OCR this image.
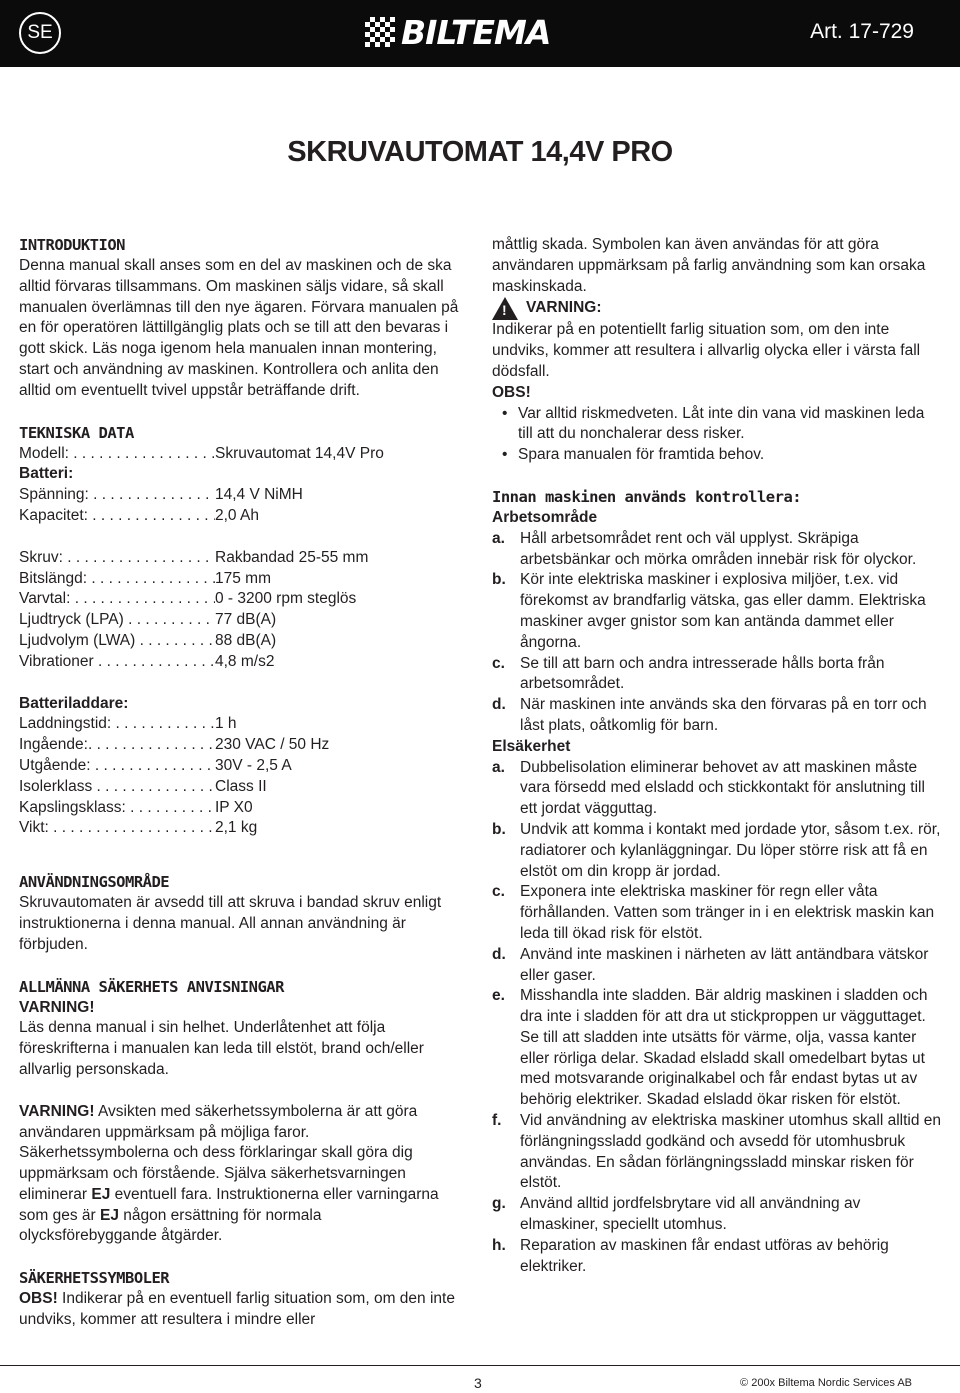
SE	BILTEMA	Art. 17-729
SKRUVAUTOMAT 14,4V PRO
INTRODUKTION

Denna manual skall anses som en del av maskinen och de ska alltid förvaras tillsammans. Om maskinen säljs vidare, så skall manualen överlämnas till den nye ägaren. Förvara manualen på en för operatören lättillgänglig plats och se till att den bevaras i gott skick. Läs noga igenom hela manualen innan montering, start och användning av maskinen. Kontrollera och anlita den alltid om eventuellt tvivel uppstår beträffande drift.

TEKNISKA DATA
Modell: . . .	Skruvautomat 14,4V Pro
Batteri:
Spänning: . . .	14,4 V NiMH
Kapacitet: . . .	2,0 Ah
Skruv: . . .	Rakbandad 25-55 mm
Bitslängd: . . .	175 mm
Varvtal: . . .	0 - 3200 rpm steglös
Ljudtryck (LPA) . . .	77 dB(A)
Ljudvolym (LWA) . . .	88 dB(A)
Vibrationer . . .	4,8 m/s2
Batteriladdare:
Laddningstid: . . .	1 h
Ingående:. . . .	230 VAC / 50 Hz
Utgående: . . .	30V - 2,5 A
Isolerklass . . .	Class II
Kapslingsklass: . . .	IP X0
Vikt: . . .	2,1 kg
ANVÄNDNINGSOMRÅDE

Skruvautomaten är avsedd till att skruva i bandad skruv enligt instruktionerna i denna manual. All annan användning är förbjuden.

ALLMÄNNA SÄKERHETS ANVISNINGAR
VARNING!

Läs denna manual i sin helhet. Underlåtenhet att följa föreskrifterna i manualen kan leda till elstöt, brand och/eller allvarlig personskada.

VARNING! Avsikten med säkerhetssymbolerna är att göra användaren uppmärksam på möjliga faror. Säkerhetssymbolerna och dess förklaringar skall göra dig uppmärksam och förstående. Själva säkerhetsvarningen eliminerar EJ eventuell fara. Instruktionerna eller varningarna som ges är EJ någon ersättning för normala olycksförebyggande åtgärder.

SÄKERHETSSYMBOLER

OBS! Indikerar på en eventuell farlig situation som, om den inte undviks, kommer att resultera i mindre eller

måttlig skada. Symbolen kan även användas för att göra användaren uppmärksam på farlig användning som kan orsaka maskinskada.

!
VARNING:

Indikerar på en potentiellt farlig situation som, om den inte undviks, kommer att resultera i allvarlig olycka eller i värsta fall dödsfall.

OBS!
• Var alltid riskmedveten. Låt inte din vana vid maskinen leda till att du nonchalerar dess risker.
• Spara manualen för framtida behov.
Innan maskinen används kontrollera:
Arbetsområde
a. Håll arbetsområdet rent och väl upplyst. Skräpiga arbetsbänkar och mörka områden innebär risk för olyckor.
b. Kör inte elektriska maskiner i explosiva miljöer, t.ex. vid förekomst av brandfarlig vätska, gas eller damm. Elektriska maskiner avger gnistor som kan antända dammet eller ångorna.
c. Se till att barn och andra intresserade hålls borta från arbetsområdet.
d. När maskinen inte används ska den förvaras på en torr och låst plats, oåtkomlig för barn.
Elsäkerhet
a. Dubbelisolation eliminerar behovet av att maskinen måste vara försedd med elsladd och stickkontakt för anslutning till ett jordat vägguttag.
b. Undvik att komma i kontakt med jordade ytor, såsom t.ex. rör, radiatorer och kylanläggningar. Du löper större risk att få en elstöt om din kropp är jordad.
c. Exponera inte elektriska maskiner för regn eller våta förhållanden. Vatten som tränger in i en elektrisk maskin kan leda till ökad risk för elstöt.
d. Använd inte maskinen i närheten av lätt antändbara vätskor eller gaser.
e. Misshandla inte sladden. Bär aldrig maskinen i sladden och dra inte i sladden för att dra ut stickproppen ur vägguttaget. Se till att sladden inte utsätts för värme, olja, vassa kanter eller rörliga delar. Skadad elsladd skall omedelbart bytas ut med motsvarande originalkabel och får endast bytas ut av behörig elektriker. Skadad elsladd ökar risken för elstöt.
f.	Vid användning av elektriska maskiner utomhus skall alltid en förlängningssladd godkänd och avsedd för utomhusbruk användas. En sådan förlängningssladd minskar risken för elstöt.
g. Använd alltid jordfelsbrytare vid all användning av elmaskiner, speciellt utomhus.
h. Reparation av maskinen får endast utföras av behörig elektriker.
3	© 200x Biltema Nordic Services AB
